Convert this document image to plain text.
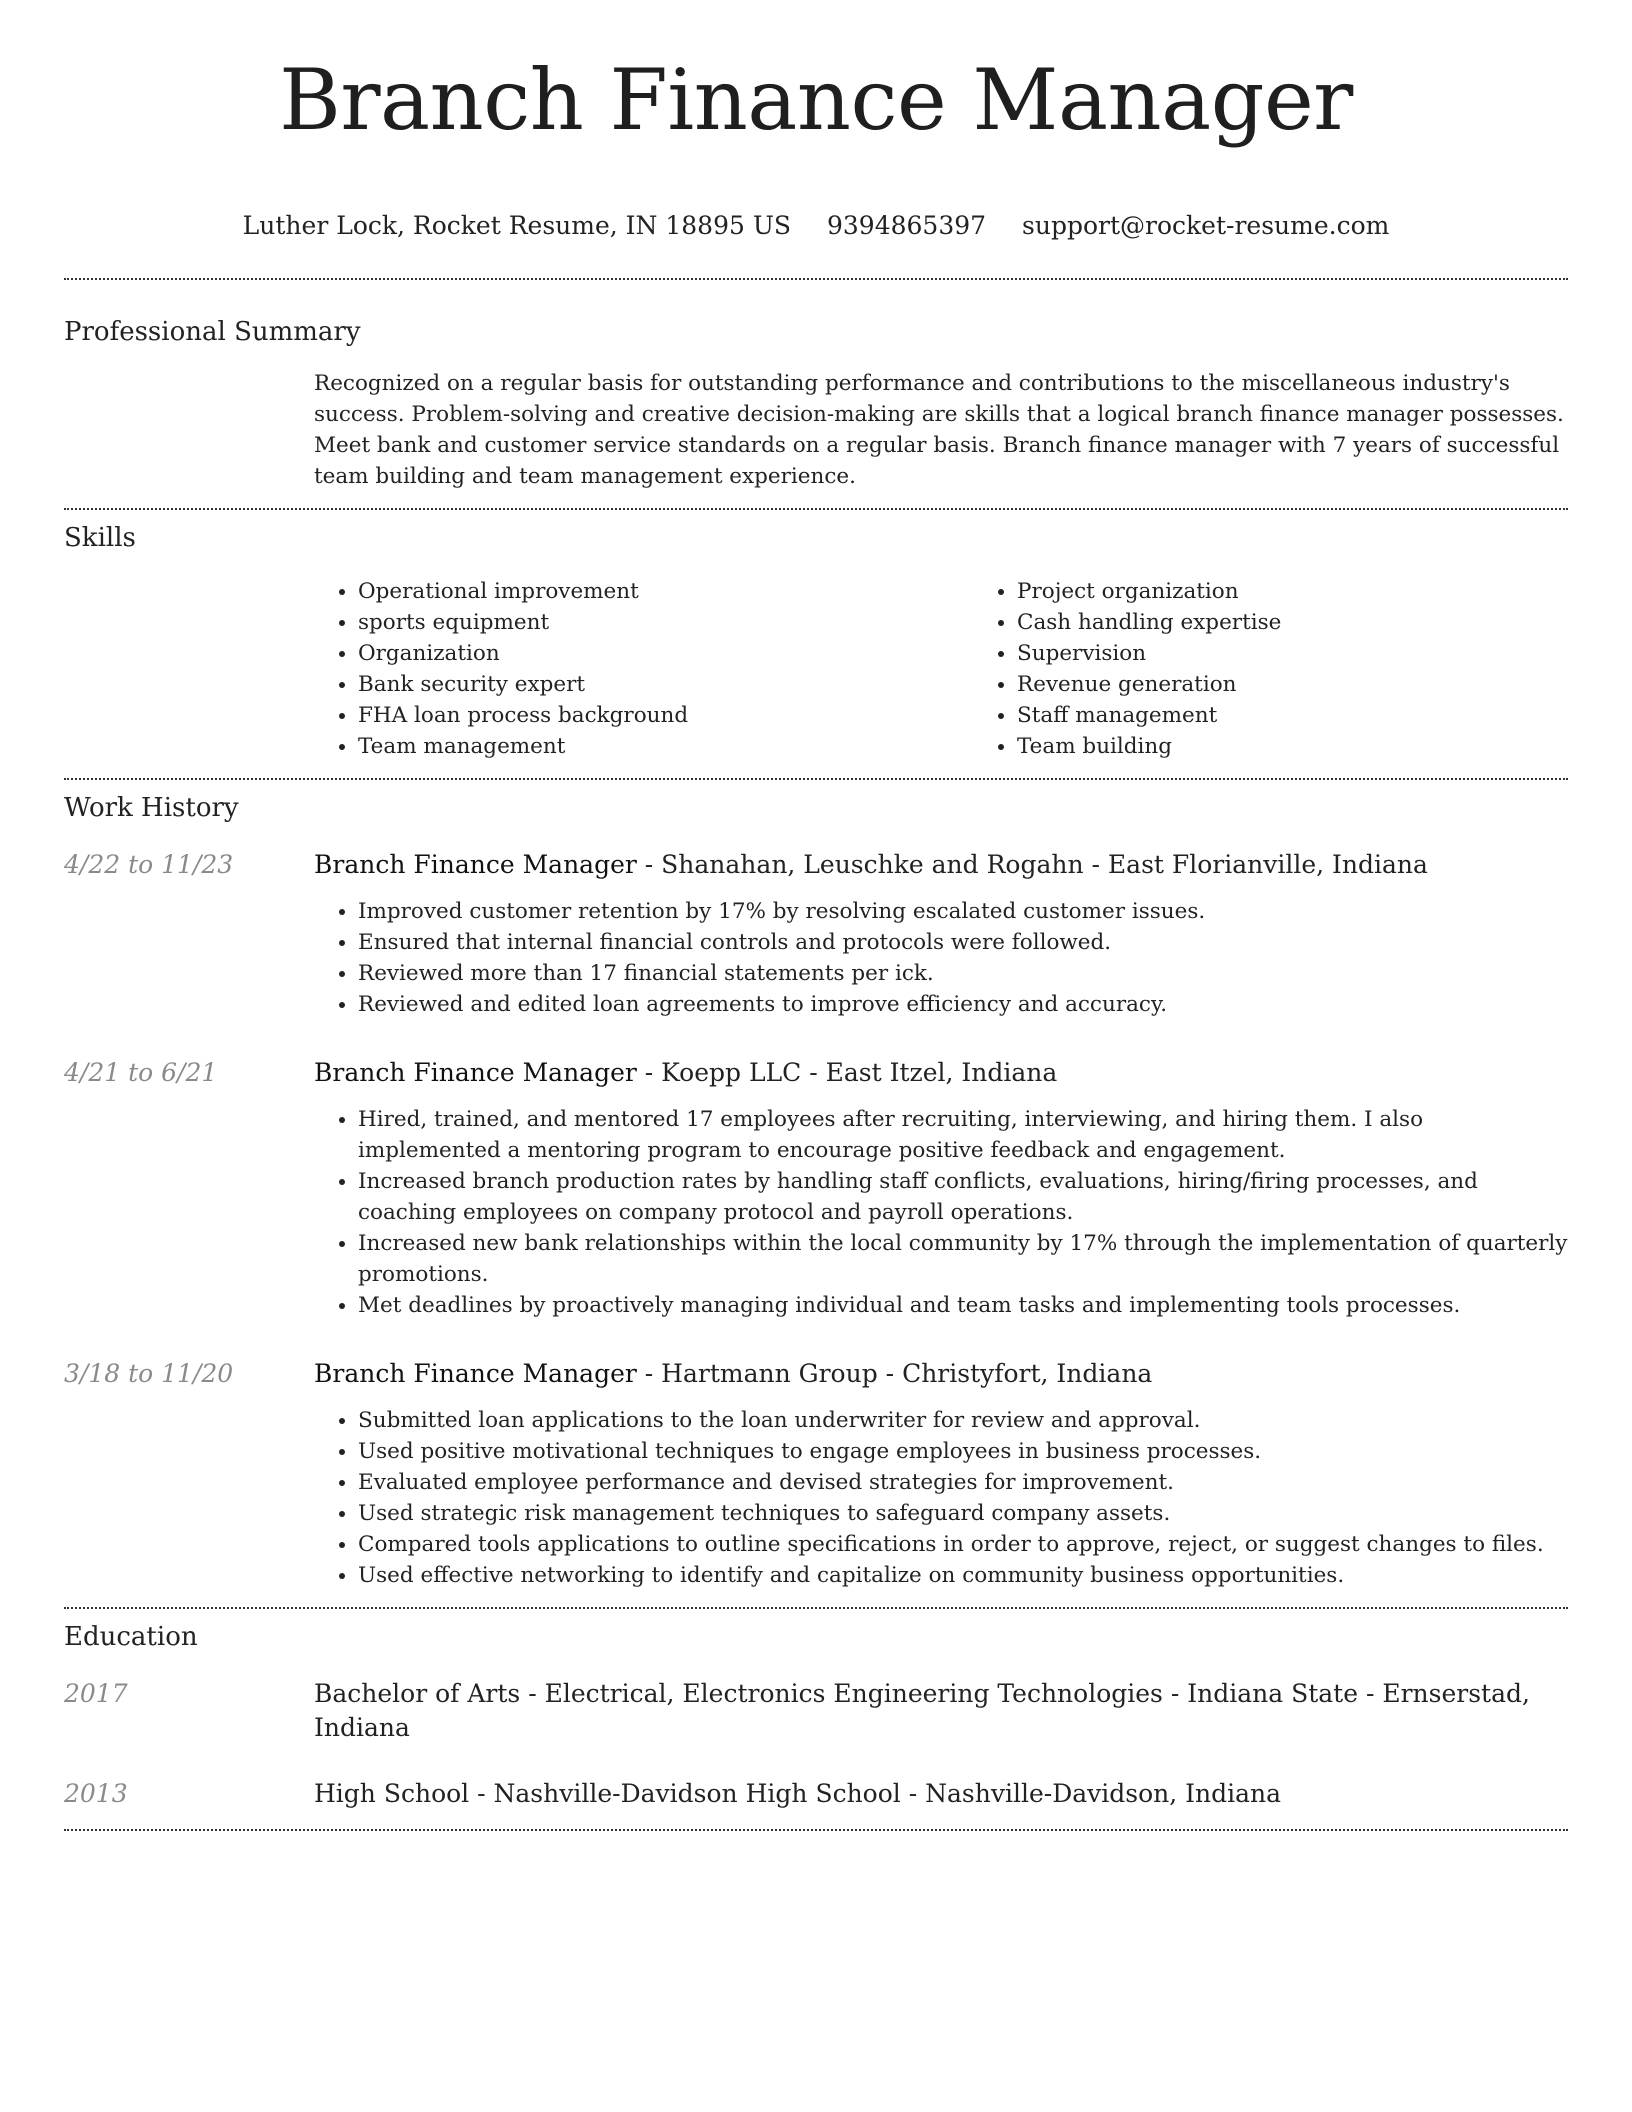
Branch Finance Manager
Luther Lock, Rocket Resume, IN 18895 US 9394865397 support@rocket-resume.com
Professional Summary

Recognized on a regular basis for outstanding performance and contributions to the miscellaneous industry's success. Problem-solving and creative decision-making are skills that a logical branch finance manager possesses. Meet bank and customer service standards on a regular basis. Branch finance manager with 7 years of successful team building and team management experience.

Skills
• Operational improvement
• sports equipment
• Organization
• Bank security expert
• FHA loan process background
• Team management
• Project organization
• Cash handling expertise
• Supervision
• Revenue generation
• Staff management
• Team building
Work History
4/22 to 11/23	Branch Finance Manager - Shanahan, Leuschke and Rogahn - East Florianville, Indiana
• Improved customer retention by 17% by resolving escalated customer issues.
• Ensured that internal financial controls and protocols were followed.
• Reviewed more than 17 financial statements per ick.
• Reviewed and edited loan agreements to improve efficiency and accuracy.
4/21 to 6/21	Branch Finance Manager - Koepp LLC - East Itzel, Indiana
• Hired, trained, and mentored 17 employees after recruiting, interviewing, and hiring them. I also implemented a mentoring program to encourage positive feedback and engagement.
• Increased branch production rates by handling staff conflicts, evaluations, hiring/firing processes, and coaching employees on company protocol and payroll operations.
• Increased new bank relationships within the local community by 17% through the implementation of quarterly promotions.
• Met deadlines by proactively managing individual and team tasks and implementing tools processes.
3/18 to 11/20	Branch Finance Manager - Hartmann Group - Christyfort, Indiana
• Submitted loan applications to the loan underwriter for review and approval.
• Used positive motivational techniques to engage employees in business processes.
• Evaluated employee performance and devised strategies for improvement.
• Used strategic risk management techniques to safeguard company assets.
• Compared tools applications to outline specifications in order to approve, reject, or suggest changes to files.
• Used effective networking to identify and capitalize on community business opportunities.
Education
2017	Bachelor of Arts - Electrical, Electronics Engineering Technologies - Indiana State - Ernserstad, Indiana
2013	High School - Nashville-Davidson High School - Nashville-Davidson, Indiana
